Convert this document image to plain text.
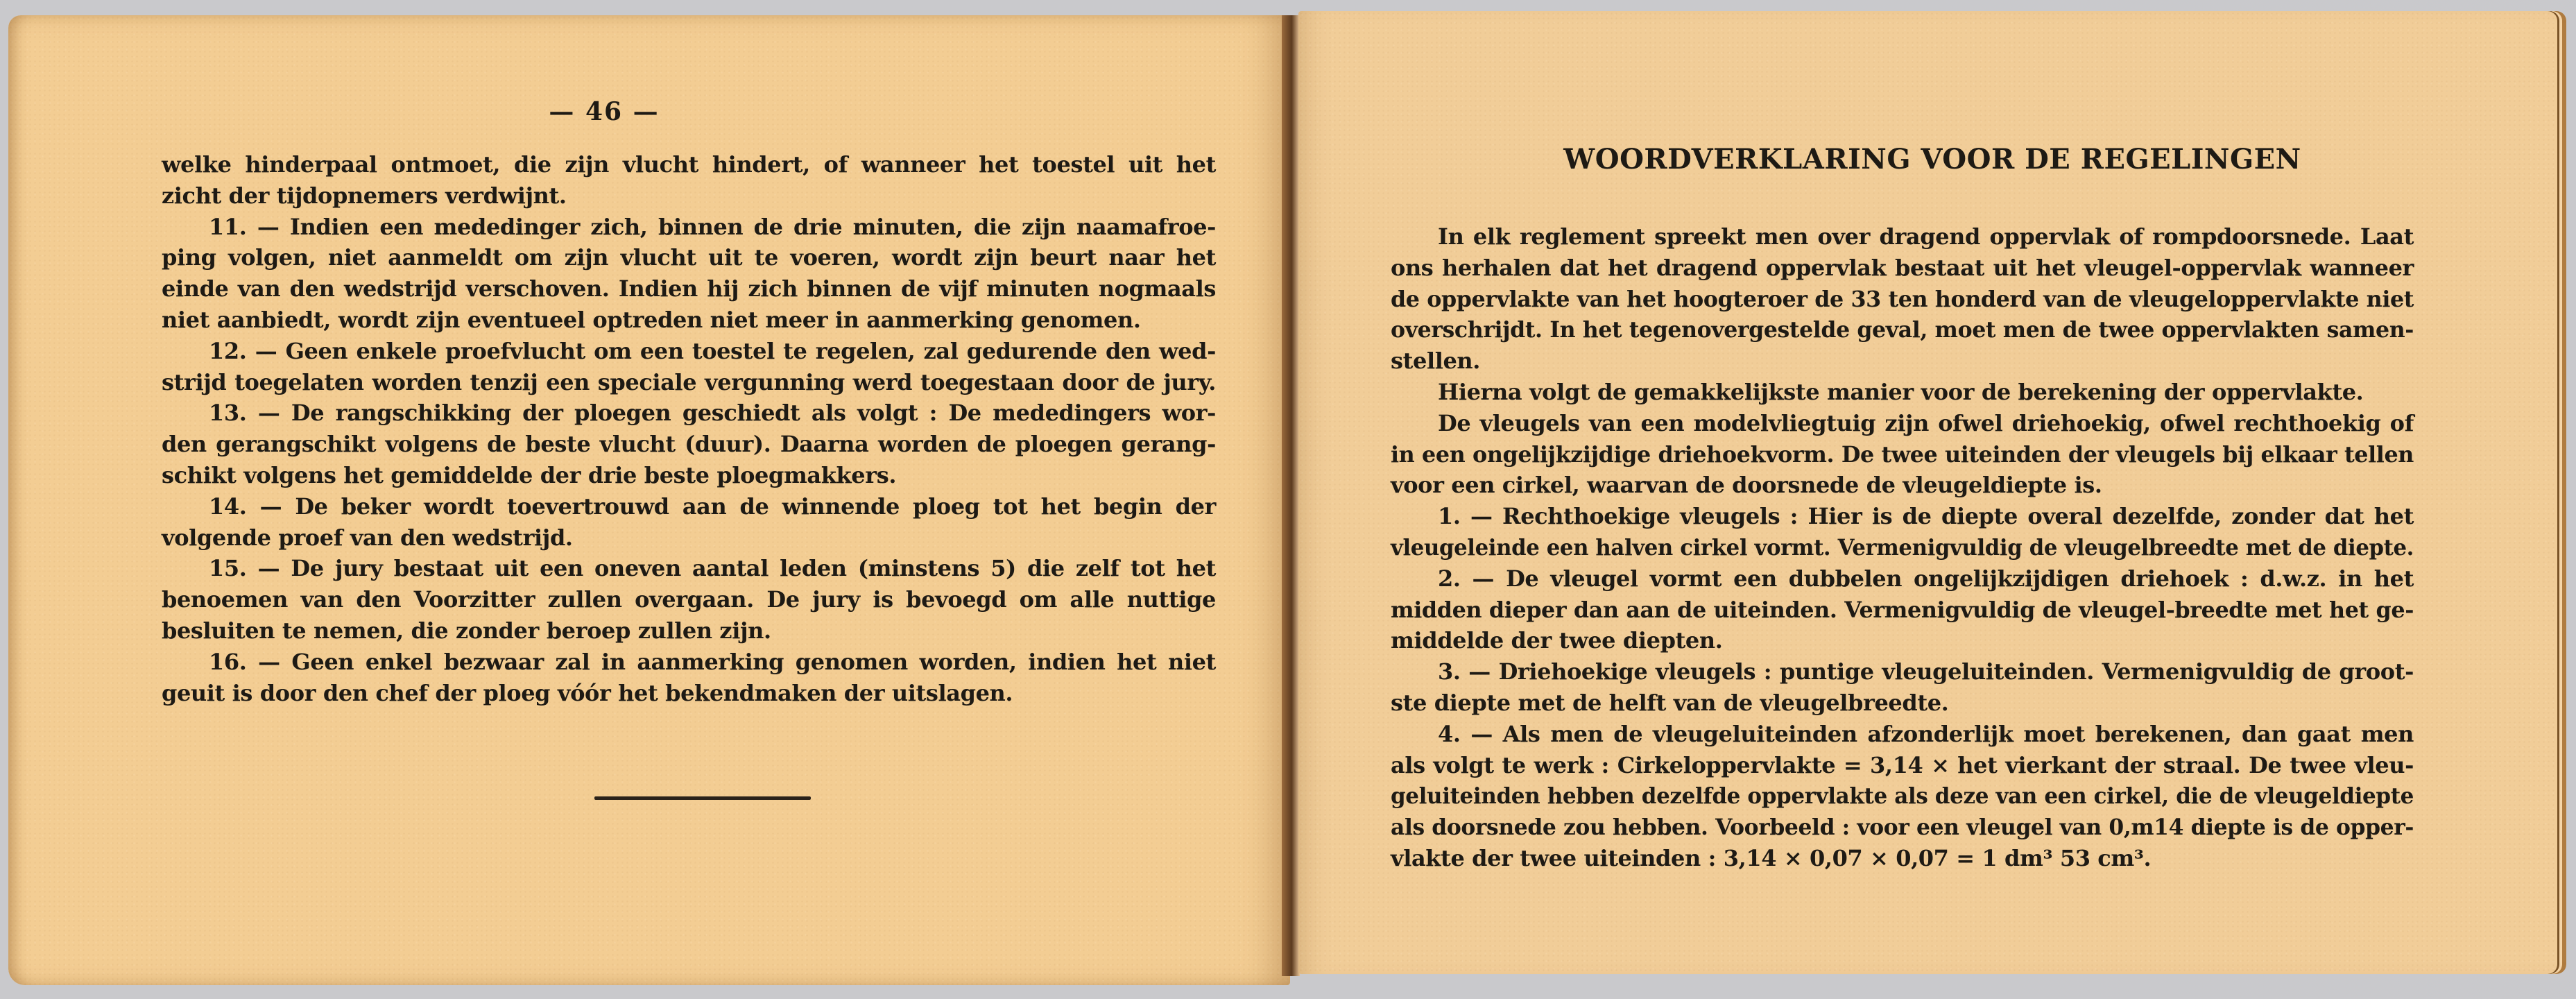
— 46 —
welke hinderpaal ontmoet, die zijn vlucht hindert, of wanneer het toestel uit het
zicht der tijdopnemers verdwijnt.
11. — Indien een mededinger zich, binnen de drie minuten, die zijn naamafroe-
ping volgen, niet aanmeldt om zijn vlucht uit te voeren, wordt zijn beurt naar het
einde van den wedstrijd verschoven. Indien hij zich binnen de vijf minuten nogmaals
niet aanbiedt, wordt zijn eventueel optreden niet meer in aanmerking genomen.
12. — Geen enkele proefvlucht om een toestel te regelen, zal gedurende den wed-
strijd toegelaten worden tenzij een speciale vergunning werd toegestaan door de jury.
13. — De rangschikking der ploegen geschiedt als volgt : De mededingers wor-
den gerangschikt volgens de beste vlucht (duur). Daarna worden de ploegen gerang-
schikt volgens het gemiddelde der drie beste ploegmakkers.
14. — De beker wordt toevertrouwd aan de winnende ploeg tot het begin der
volgende proef van den wedstrijd.
15. — De jury bestaat uit een oneven aantal leden (minstens 5) die zelf tot het
benoemen van den Voorzitter zullen overgaan. De jury is bevoegd om alle nuttige
besluiten te nemen, die zonder beroep zullen zijn.
16. — Geen enkel bezwaar zal in aanmerking genomen worden, indien het niet
geuit is door den chef der ploeg vóór het bekendmaken der uitslagen.
WOORDVERKLARING VOOR DE REGELINGEN
In elk reglement spreekt men over dragend oppervlak of rompdoorsnede. Laat
ons herhalen dat het dragend oppervlak bestaat uit het vleugel-oppervlak wanneer
de oppervlakte van het hoogteroer de 33 ten honderd van de vleugeloppervlakte niet
overschrijdt. In het tegenovergestelde geval, moet men de twee oppervlakten samen-
stellen.
Hierna volgt de gemakkelijkste manier voor de berekening der oppervlakte.
De vleugels van een modelvliegtuig zijn ofwel driehoekig, ofwel rechthoekig of
in een ongelijkzijdige driehoekvorm. De twee uiteinden der vleugels bij elkaar tellen
voor een cirkel, waarvan de doorsnede de vleugeldiepte is.
1. — Rechthoekige vleugels : Hier is de diepte overal dezelfde, zonder dat het
vleugeleinde een halven cirkel vormt. Vermenigvuldig de vleugelbreedte met de diepte.
2. — De vleugel vormt een dubbelen ongelijkzijdigen driehoek : d.w.z. in het
midden dieper dan aan de uiteinden. Vermenigvuldig de vleugel-breedte met het ge-
middelde der twee diepten.
3. — Driehoekige vleugels : puntige vleugeluiteinden. Vermenigvuldig de groot-
ste diepte met de helft van de vleugelbreedte.
4. — Als men de vleugeluiteinden afzonderlijk moet berekenen, dan gaat men
als volgt te werk : Cirkeloppervlakte = 3,14 × het vierkant der straal. De twee vleu-
geluiteinden hebben dezelfde oppervlakte als deze van een cirkel, die de vleugeldiepte
als doorsnede zou hebben. Voorbeeld : voor een vleugel van 0,m14 diepte is de opper-
vlakte der twee uiteinden : 3,14 × 0,07 × 0,07 = 1 dm³ 53 cm³.
